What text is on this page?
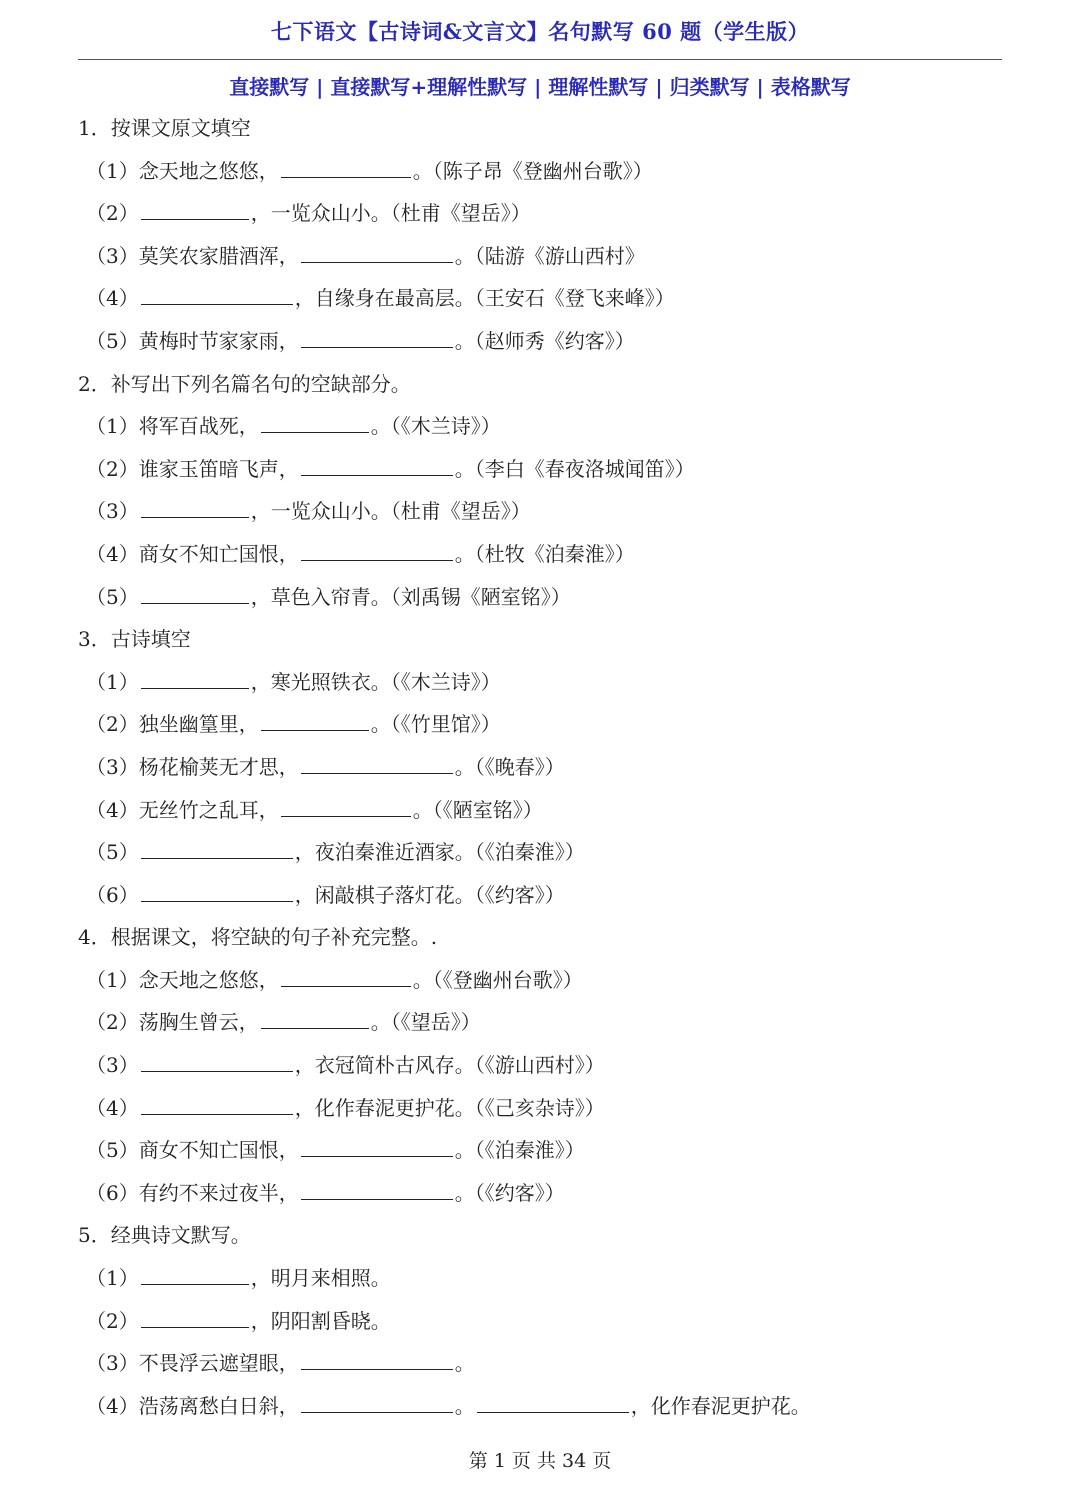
七下语文【古诗词&文言文】名句默写 60 题（学生版）
直接默写 | 直接默写+理解性默写 | 理解性默写 | 归类默写 | 表格默写
1．按课文原文填空
（1）念天地之悠悠，	。（陈子昂《登幽州台歌》）
（2）	，一览众山小。（杜甫《望岳》）
（3）莫笑农家腊酒浑，	。（陆游《游山西村》
（4）	，自缘身在最高层。（王安石《登飞来峰》）
（5）黄梅时节家家雨，	。（赵师秀《约客》）
2．补写出下列名篇名句的空缺部分。
（1）将军百战死，	。（《木兰诗》）
（2）谁家玉笛暗飞声，	。（李白《春夜洛城闻笛》）
（3）	，一览众山小。（杜甫《望岳》）
（4）商女不知亡国恨，	。（杜牧《泊秦淮》）
（5）	，草色入帘青。（刘禹锡《陋室铭》）
3．古诗填空
（1）	，寒光照铁衣。（《木兰诗》）
（2）独坐幽篁里，	。（《竹里馆》）
（3）杨花榆荚无才思，	。（《晚春》）
（4）无丝竹之乱耳，	。（《陋室铭》）
（5）	，夜泊秦淮近酒家。（《泊秦淮》）
（6）	，闲敲棋子落灯花。（《约客》）
4．根据课文，将空缺的句子补充完整。.
（1）念天地之悠悠，	。（《登幽州台歌》）
（2）荡胸生曾云，	。（《望岳》）
（3）	，衣冠简朴古风存。（《游山西村》）
（4）	，化作春泥更护花。（《己亥杂诗》）
（5）商女不知亡国恨，	。（《泊秦淮》）
（6）有约不来过夜半，	。（《约客》）
5．经典诗文默写。
（1）	，明月来相照。
（2）	，阴阳割昏晓。
（3）不畏浮云遮望眼，	。
（4）浩荡离愁白日斜，	。	，化作春泥更护花。
第 1 页 共 34 页
